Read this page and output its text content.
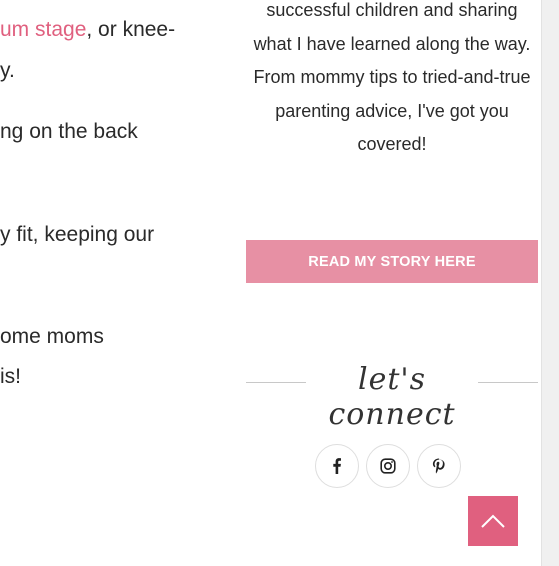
um stage, or knee-
y.
ng on the back
y fit, keeping our
ome moms
is!
successful children and sharing what I have learned along the way. From mommy tips to tried-and-true parenting advice, I've got you covered!
READ MY STORY HERE
let's connect
